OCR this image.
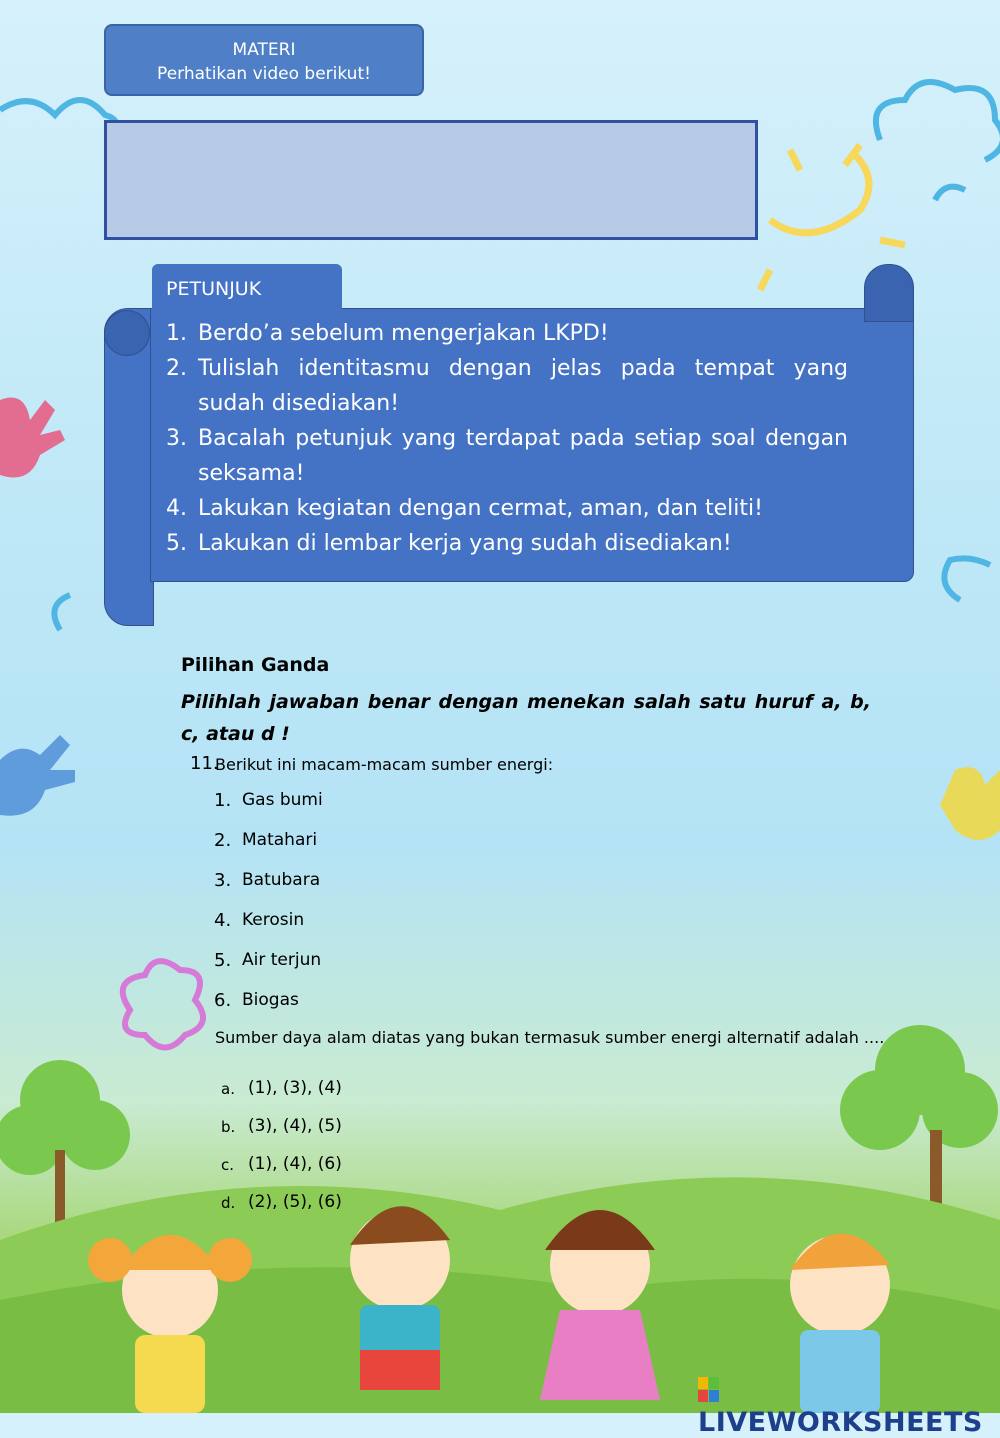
MATERI
Perhatikan video berikut!
PETUNJUK
1. Berdo’a sebelum mengerjakan LKPD!
2. Tulislah identitasmu dengan jelas pada tempat yang sudah disediakan!
3. Bacalah petunjuk yang terdapat pada setiap soal dengan seksama!
4. Lakukan kegiatan dengan cermat, aman, dan teliti!
5. Lakukan di lembar kerja yang sudah disediakan!
Pilihan Ganda
Pilihlah jawaban benar dengan menekan salah satu huruf a, b, c, atau d !
11.
Berikut ini macam-macam sumber energi:
1. Gas bumi
2. Matahari
3. Batubara
4. Kerosin
5. Air terjun
6. Biogas
Sumber daya alam diatas yang bukan termasuk sumber energi alternatif adalah ....
a. (1), (3), (4)
b. (3), (4), (5)
c. (1), (4), (6)
d. (2), (5), (6)
LIVEWORKSHEETS
